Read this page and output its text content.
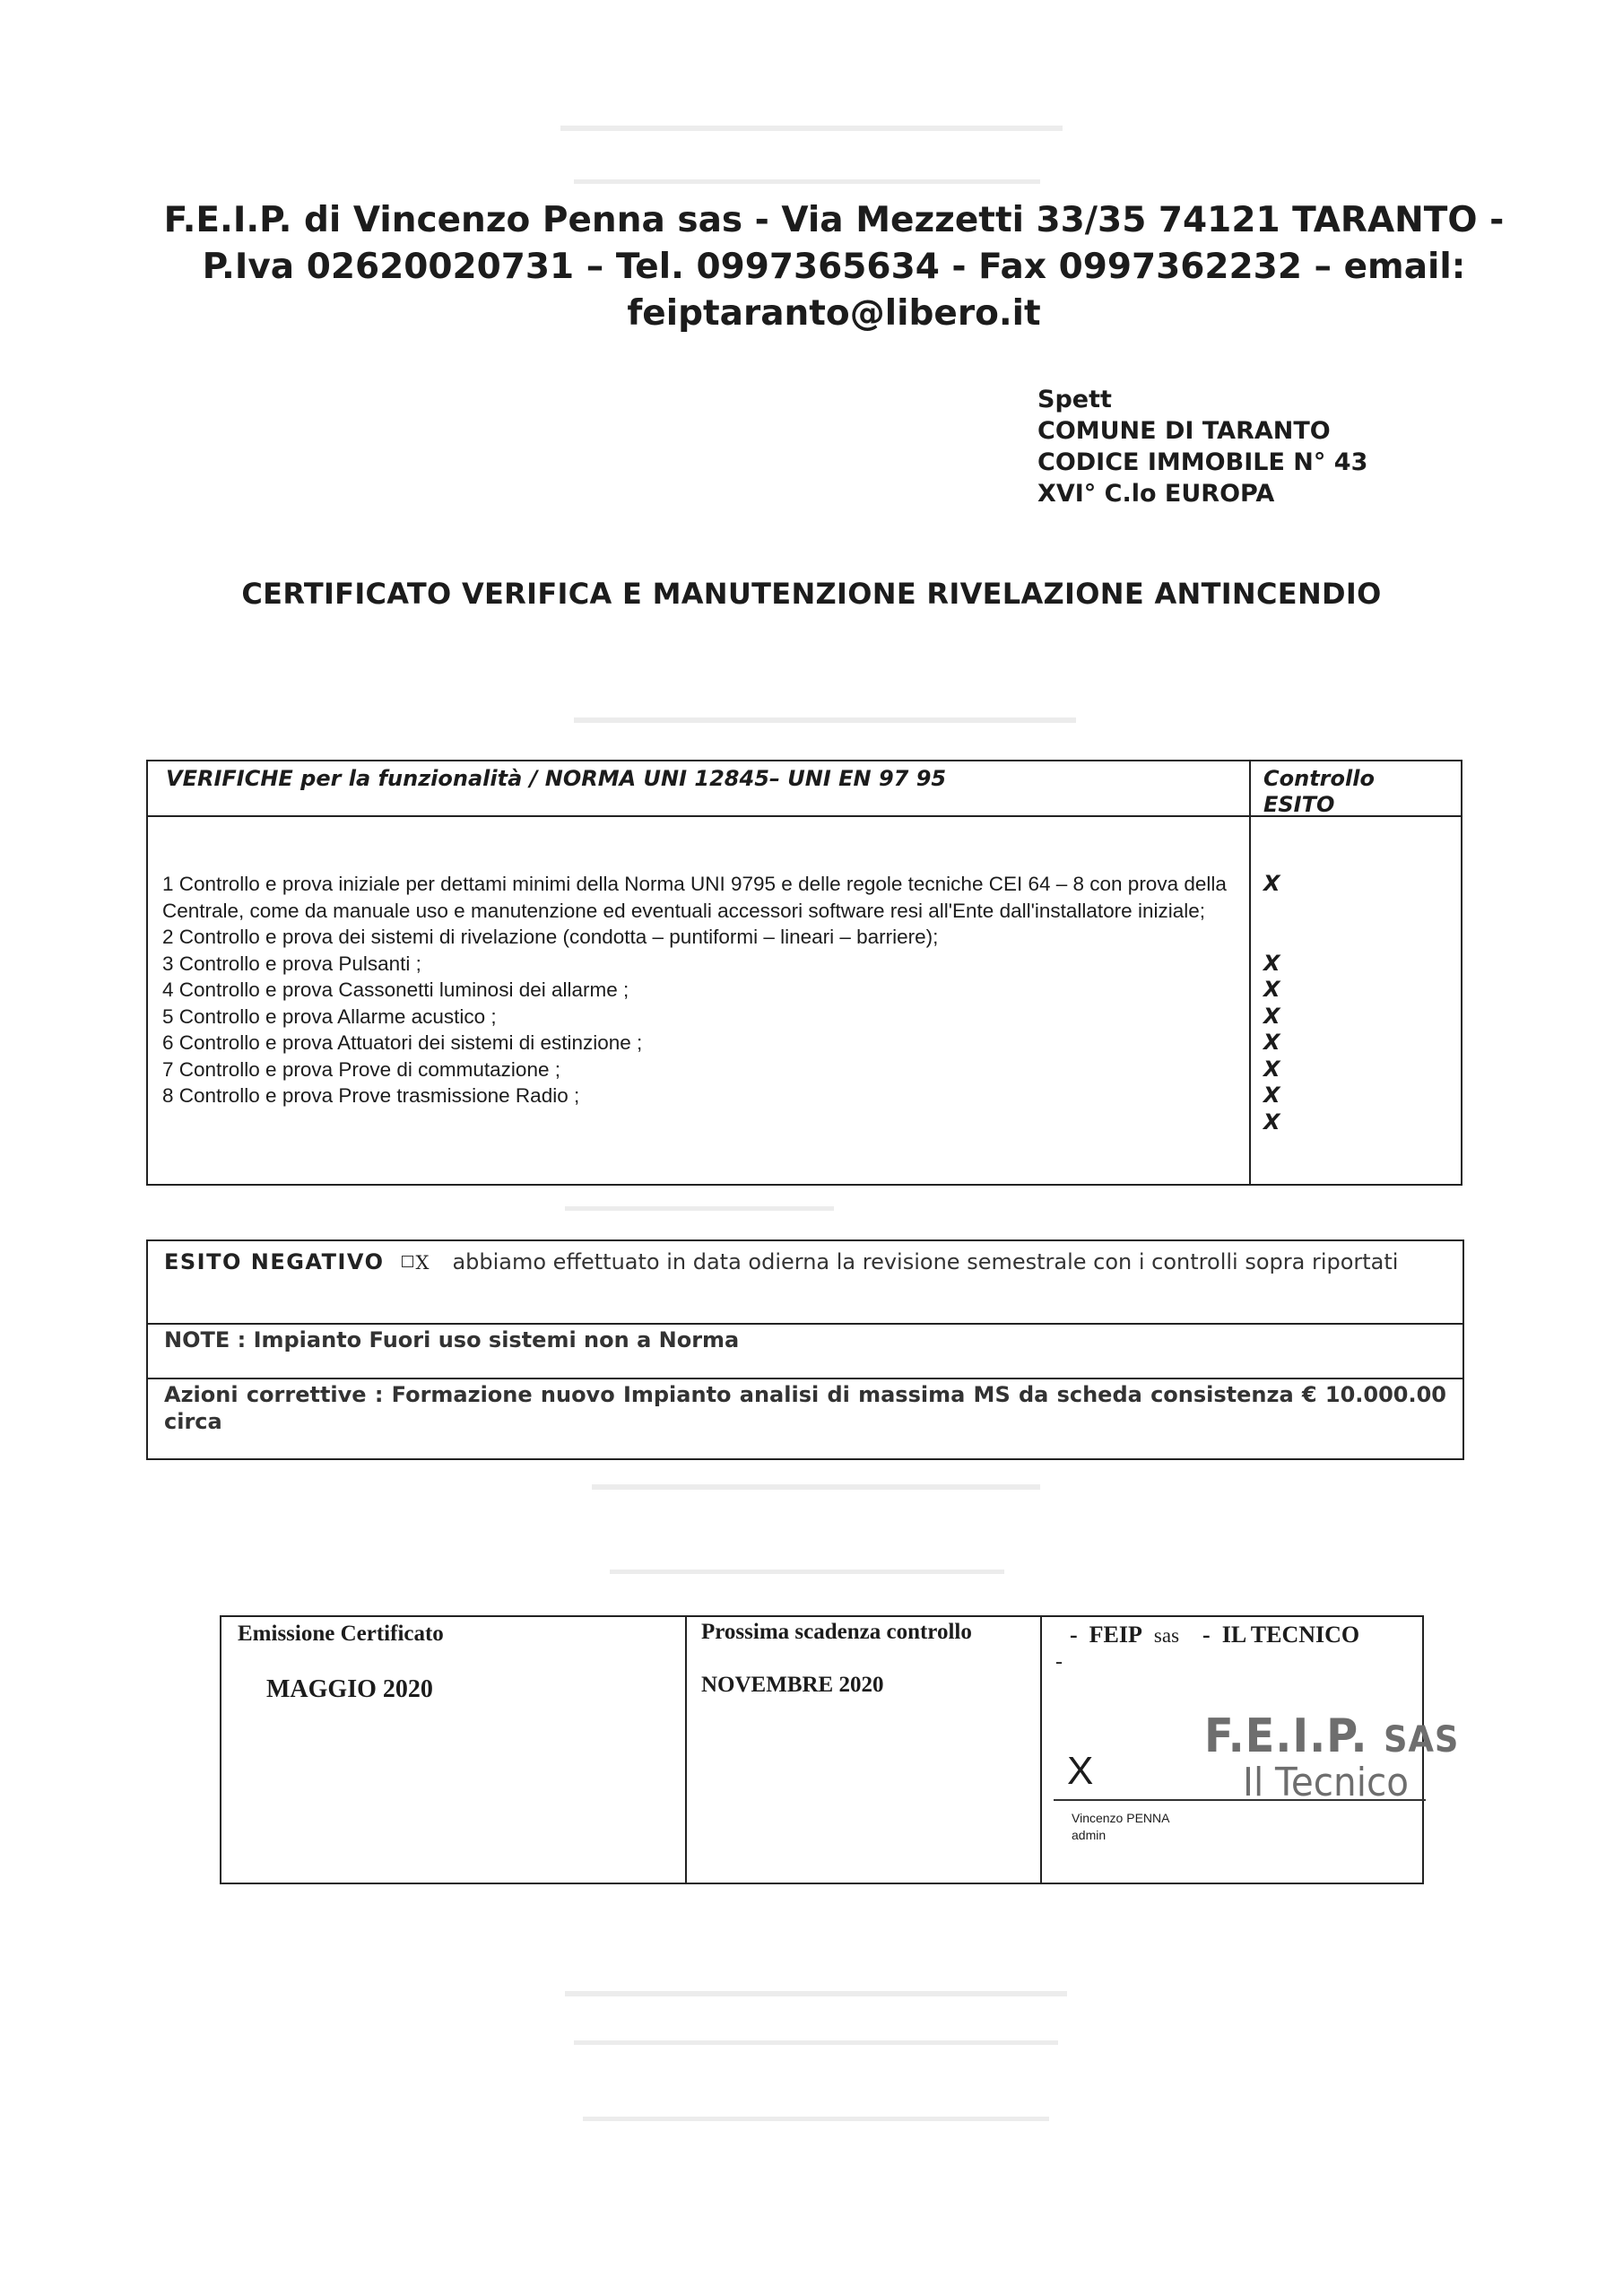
F.E.I.P. di Vincenzo Penna sas - Via Mezzetti 33/35 74121 TARANTO -
P.Iva 02620020731 – Tel. 0997365634 - Fax 0997362232 – email:
feiptaranto@libero.it
Spett
COMUNE DI TARANTO
CODICE IMMOBILE N° 43
XVI° C.lo EUROPA
CERTIFICATO VERIFICA E MANUTENZIONE RIVELAZIONE ANTINCENDIO
VERIFICHE per la funzionalità / NORMA UNI 12845– UNI EN 97 95	Controllo
ESITO
1 Controllo e prova iniziale per dettami minimi della Norma UNI 9795 e delle regole tecniche CEI 64 – 8 con prova della Centrale, come da manuale uso e manutenzione ed eventuali accessori software resi all'Ente dall'installatore iniziale;
2 Controllo e prova dei sistemi di rivelazione (condotta – puntiformi – lineari – barriere);
3 Controllo e prova Pulsanti ;
4 Controllo e prova Cassonetti luminosi dei allarme ;
5 Controllo e prova Allarme acustico ;
6 Controllo e prova Attuatori dei sistemi di estinzione ;
7 Controllo e prova Prove di commutazione ;
8 Controllo e prova Prove trasmissione Radio ;
X
X
X
X
X
X
X
X
ESITO NEGATIVO X abbiamo effettuato in data odierna la revisione semestrale con i controlli sopra riportati
NOTE : Impianto Fuori uso sistemi non a Norma
Azioni correttive : Formazione nuovo Impianto analisi di massima MS da scheda consistenza € 10.000.00 circa
Emissione Certificato
MAGGIO 2020
Prossima scadenza controllo
NOVEMBRE 2020
- FEIP sas - IL TECNICO
-
X
Vincenzo PENNA
admin
F.E.I.P. SAS
Il Tecnico
